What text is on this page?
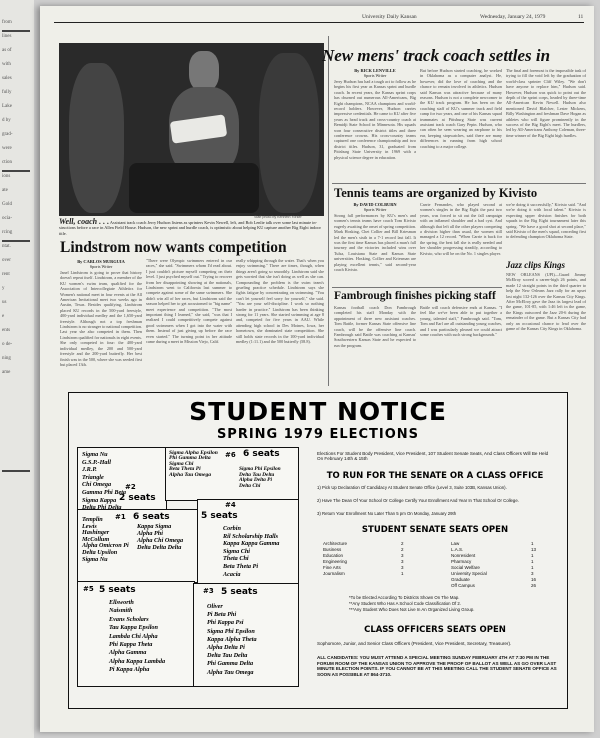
from
lines
as of
with
sales
fully
Lake
d by
grad-
were
ction
ions
ate
Gold
ocia-
rcing
ntat.
over
rent
y
us
e
ents
o de-
ning
ame
University Daily Kansan	Wednesday, January 24, 1979	11
Staff photo by Kenneth Yorker
Well, coach . . . Assistant track coach Jerry Hudson listens as sprinters Kevin Newell, left, and Bob Lenlie talk over some last minute in-structions before a race in Allen Field House. Hudson, the new sprint and hurdle coach, is optimistic about helping KU capture another Big Eight indoor title.
Lindstrom now wants competition
By CARLOS MURGUIA
Sports Writer
Janel Lindstrom is going to prove that history doesn't repeat itself. Lindstrom, a member of the KU women's swim team, qualified for the Association of Intercollegiate Athletics for Women's national meet in four events at the All American Invitational meet two weeks ago in Austin, Texas. Besides qualifying, Lindstrom placed KU records in the 500-yard freestyle, 400-yard individual medley and the 1,650-yard freestyle. Although not a top freshman Lindstrom is no stranger to national competition. Last year she also competed in them. Then Lindstrom qualified for nationals in eight events. She only competed in four: the 400-yard individual medley, the 200 and 500-yard freestyle and the 200-yard butterfly. Her best finish was in the 500, where she was seeded first but placed 13th.
"There were Olympic swimmers entered in our races," she said. "Swimmers whom I'd read about. I just couldn't picture myself competing on their level. I just psyched myself out." Trying to recover from her disappointing showing at the nationals, Lindstrom went to California last summer to compete against some of the same swimmers. She didn't win all of her races, but Lindstrom said the season helped her to get accustomed to "big name" meet experience and competition. "The most important thing I learned," she said, "was that I realized I could competitively compete against good swimmers when I got into the water with them. Instead of just giving up before the race even started." The turning point in her attitude came during a meet in Mission Viejo, Calif.
really whipping through the water. That's when you enjoy swimming." There are times, though, when things aren't going so smoothly. Lindstrom said she gets worried that she isn't doing as well as she can. Compounding the problem is the swim team's grueling practice schedule. Lindstrom says she fights fatigue by concentrating on swimming. "You can't let yourself feel sorry for yourself," she said. "You are your self-discipline. I work so nothing harder in practice." Lindstrom has been thinking strong for 11 years. She started swimming at age 8 and, competed for five years in AAU. While attending high school in Des Moines, Iowa, her hometown, she dominated state competition. She still holds state records in the 100-yard individual medley (1:11.1) and the 500 butterfly (58.8).
New mens' track coach settles in
By RICK LENVILLE
Sports Writer
Jerry Hudson has had a tough act to follow as he begins his first year as Kansas sprint and hurdle coach. In recent years, the Kansas sprint corps has churned out numerous All-Americans, Big Eight champions, NCAA champions and world-record holders. However, Hudson carries impressive credentials. He came to KU after five years as head track and cross-country coach at Bemidji State School in Minnesota. His squads won four consecutive district titles and three conference crowns. His cross-country teams captured one conference championship and two district titles. Hudson, 31, graduated from Pittsburg State University in 1969 with a physical science degree in education.
But before Hudson started coaching, he worked in Oklahoma as a computer analyst. He, however, did the love of coaching and the chance to remain involved in athletics. Hudson said Kansas was attractive because of many reasons. Hudson is not a complete newcomer to the KU track program. He has been on the coaching staff of KU's summer track and field camp for two years, and one of his Kansas squad teammates at Pittsburg State was current assistant track coach Gary Pepin. Hudson, who can often be seen wearing an earphone to his ear, keeping stopwatches, said there are many differences in running from high school coaching to a major college.
The final and foremost is the impossible task of trying to fill the void left by the graduation of world-class sprinter Cliff Wiley. "We don't have anyone to replace him," Hudson said. However, Hudson was quick to point out the depth of the sprint corps, headed by three-time All-American Kevin Newell. Hudson also mentioned David Blalcher, Lester Mickens, Billy Washington and freshman Dave Hogan as athletes who will figure prominently in the success of the Big Eight's meet. The hurdlers, led by All-Americans Anthony Coleman, three-time winner of the Big Eight high hurdles.
Tennis teams are organized by Kivisto
By DAVID COLBURN
Sports Writer
Strong fall performances by KU's men's and women's tennis teams have coach Tom Kivisto eagerly awaiting the onset of spring competition. Mark Hosking, Chet Collier and Bill Kriesman led the men's sixth in a 7-1 record last fall. It was the first time Kansas has placed a man's fall tourney and the victories included wins over Tulsa, Louisiana State and Kansas State universities. Hosking, Collier and Kriesman are playing excellent tennis," said second-year coach Kivisto.
Carrie Fernandes, who played second at women's singles in the Big Eight the past two years, was forced to sit out the fall campaign with an inflamed shoulder and a bad cyst. And although that left all the other players competing a division higher than usual, the women still managed a 12 record. "When Carrie is back for the spring, the best fall she is really needed and her shoulder progressing steadily, according to Kivisto, who will be on the No. 1 singles player.
we're doing it successfully," Kivisto said. "And we're doing it with local talent." Kivisto is expecting upper division finishes for both squads in the Big Eight tournament later this spring. "We have a good shot at second place," said Kivisto of the men's squad, conceding first to defending champion Oklahoma State.
Fambrough finishes picking staff
Kansas football coach Don Fambrough completed his staff Monday with the appointment of three new assistant coaches. Tom Battle, former Kansas State offensive line coach, will be the offensive line coach. Fambrough said Battle was coaching at Kansas' Southwestern Kansas State and he expected to run the program.
Battle will coach defensive ends at Kansas. "I feel like we've been able to put together a young, talented staff," Fambrough said. "Tom, Tom and Earl are all outstanding young coaches, and I was particularly pleased we could attract some coaches with such strong backgrounds."
Jazz clips Kings
NEW ORLEANS (UPI)—Guard Jimmy McElroy scored a career-high 26 points, and made 12 straight points in the third quarter to help the New Orleans Jazz rally for an upset last night 132-126 over the Kansas City Kings. After McElroy gave the Jazz its largest lead of the game, 101-85, with 1:46 left in the game, the Kings outscored the Jazz 20-6 during the remainder of the game. But a Kansas City had only an occasional chance to lead over the game of the Kansas City Kings in Oklahoma.
STUDENT NOTICE
SPRING 1979 ELECTIONS
Sigma Nu
G.S.P.-Hall
J.R.P.
Triangle
Chi Omega
Gamma Phi Beta
Sigma Kappa
Delta Phi Delta
#2
2 seats
Sigma Alpha Epsilon
Phi Gamma Delta
Sigma Chi
Beta Theta Pi
Alpha Tau Omega
Sigma Phi Epsilon
Delta Tau Delta
Alpha Delta Pi
Delta Chi
6 seats
#6
#1 6 seats
Templin
Lewis
Hashinger
McCollum
Alpha Omicron Pi
Delta Upsilon
Sigma Nu
Kappa Sigma
Alpha Phi
Alpha Chi Omega
Delta Delta Delta
#4
5 seats
Corbin
Ril Scholarship Halls
Kappa Kappa Gamma
Sigma Chi
Theta Chi
Beta Theta Pi
Acacia
#5 5 seats
Ellsworth
Naismith
Evans Scholars
Tau Kappa Epsilon
Lambda Chi Alpha
Phi Kappa Theta
Alpha Gamma
Alpha Kappa Lambda
Pi Kappa Alpha
#3 5 seats
Oliver
Pi Beta Phi
Phi Kappa Psi
Sigma Phi Epsilon
Kappa Alpha Theta
Alpha Delta Pi
Delta Tau Delta
Phi Gamma Delta
Alpha Tau Omega
Elections For Student Body President, Vice President, 107 Student Senate Seats, And Class Officers Will Be Held On February 14th & 15th
TO RUN FOR THE SENATE OR A CLASS OFFICE
1) Pick Up Declaration Of Candidacy At Student Senate Office (Level 3, Suite 103B, Kansas Union).
2) Have The Dean Of Your School Or College Certify Your Enrollment And Year In That School Or College.
3) Return Your Enrollment No Later Than 5 pm On Monday, January 29th
STUDENT SENATE SEATS OPEN
Architecture	2
Business	2
Education	3
Engineering	3
Fine Arts	3
Journalism	1
Law	1
L.A.S.	13
Nonresident	1
Pharmacy	1
Social Welfare	1
University Special	3
Graduate	16
Off Campus	26
*To be Elected According To Districts Shown On The Map.
**Any Student Who Has A School Code Classification Of 2.
***Any Student Who Does Not Live In An Organized Living Group.
CLASS OFFICERS SEATS OPEN
Sophomore, Junior, and Senior Class Officers (President, Vice President, Secretary, Treasurer).
ALL CANDIDATES: YOU MUST ATTEND A SPECIAL MEETING SUNDAY FEBRUARY 4TH AT 7:30 PM IN THE FORUM ROOM OF THE KANSAS UNION TO APPROVE THE PROOF OF BALLOT AS WELL AS GO OVER LAST MINUTE ELECTION POINTS. IF YOU CANNOT BE AT THIS MEETING CALL THE STUDENT SENATE OFFICE AS SOON AS POSSIBLE AT 864-3710.
